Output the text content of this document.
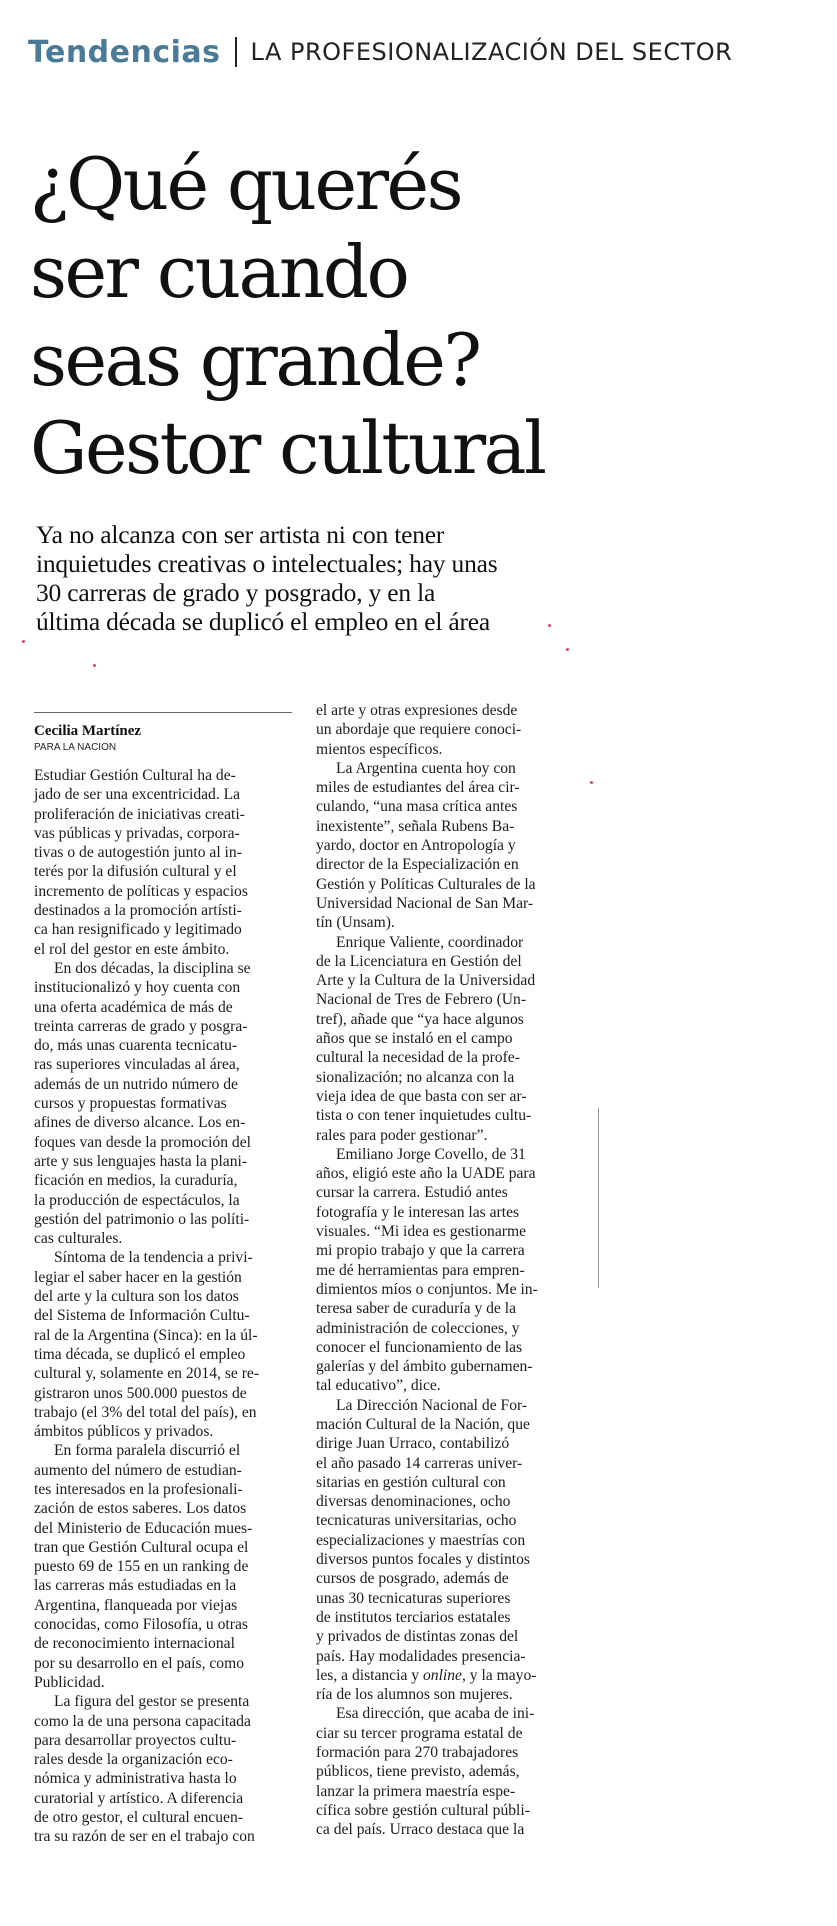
Tendencias LA PROFESIONALIZACIÓN DEL SECTOR
¿Qué querés
ser cuando
seas grande?
Gestor cultural

Ya no alcanza con ser artista ni con tener
inquietudes creativas o intelectuales; hay unas
30 carreras de grado y posgrado, y en la
última década se duplicó el empleo en el área

Cecilia Martínez
PARA LA NACION
Estudiar Gestión Cultural ha de-
jado de ser una excentricidad. La
proliferación de iniciativas creati-
vas públicas y privadas, corpora-
tivas o de autogestión junto al in-
terés por la difusión cultural y el
incremento de políticas y espacios
destinados a la promoción artísti-
ca han resignificado y legitimado
el rol del gestor en este ámbito.
En dos décadas, la disciplina se
institucionalizó y hoy cuenta con
una oferta académica de más de
treinta carreras de grado y posgra-
do, más unas cuarenta tecnicatu-
ras superiores vinculadas al área,
además de un nutrido número de
cursos y propuestas formativas
afines de diverso alcance. Los en-
foques van desde la promoción del
arte y sus lenguajes hasta la plani-
ficación en medios, la curaduría,
la producción de espectáculos, la
gestión del patrimonio o las políti-
cas culturales.
Síntoma de la tendencia a privi-
legiar el saber hacer en la gestión
del arte y la cultura son los datos
del Sistema de Información Cultu-
ral de la Argentina (Sinca): en la úl-
tima década, se duplicó el empleo
cultural y, solamente en 2014, se re-
gistraron unos 500.000 puestos de
trabajo (el 3% del total del país), en
ámbitos públicos y privados.
En forma paralela discurrió el
aumento del número de estudian-
tes interesados en la profesionali-
zación de estos saberes. Los datos
del Ministerio de Educación mues-
tran que Gestión Cultural ocupa el
puesto 69 de 155 en un ranking de
las carreras más estudiadas en la
Argentina, flanqueada por viejas
conocidas, como Filosofía, u otras
de reconocimiento internacional
por su desarrollo en el país, como
Publicidad.
La figura del gestor se presenta
como la de una persona capacitada
para desarrollar proyectos cultu-
rales desde la organización eco-
nómica y administrativa hasta lo
curatorial y artístico. A diferencia
de otro gestor, el cultural encuen-
tra su razón de ser en el trabajo con
el arte y otras expresiones desde
un abordaje que requiere conoci-
mientos específicos.
La Argentina cuenta hoy con
miles de estudiantes del área cir-
culando, “una masa crítica antes
inexistente”, señala Rubens Ba-
yardo, doctor en Antropología y
director de la Especialización en
Gestión y Políticas Culturales de la
Universidad Nacional de San Mar-
tín (Unsam).
Enrique Valiente, coordinador
de la Licenciatura en Gestión del
Arte y la Cultura de la Universidad
Nacional de Tres de Febrero (Un-
tref), añade que “ya hace algunos
años que se instaló en el campo
cultural la necesidad de la profe-
sionalización; no alcanza con la
vieja idea de que basta con ser ar-
tista o con tener inquietudes cultu-
rales para poder gestionar”.
Emiliano Jorge Covello, de 31
años, eligió este año la UADE para
cursar la carrera. Estudió antes
fotografía y le interesan las artes
visuales. “Mi idea es gestionarme
mi propio trabajo y que la carrera
me dé herramientas para empren-
dimientos míos o conjuntos. Me in-
teresa saber de curaduría y de la
administración de colecciones, y
conocer el funcionamiento de las
galerías y del ámbito gubernamen-
tal educativo”, dice.
La Dirección Nacional de For-
mación Cultural de la Nación, que
dirige Juan Urraco, contabilizó
el año pasado 14 carreras univer-
sitarias en gestión cultural con
diversas denominaciones, ocho
tecnicaturas universitarias, ocho
especializaciones y maestrías con
diversos puntos focales y distintos
cursos de posgrado, además de
unas 30 tecnicaturas superiores
de institutos terciarios estatales
y privados de distintas zonas del
país. Hay modalidades presencia-
les, a distancia y online, y la mayo-
ría de los alumnos son mujeres.
Esa dirección, que acaba de ini-
ciar su tercer programa estatal de
formación para 270 trabajadores
públicos, tiene previsto, además,
lanzar la primera maestría espe-
cífica sobre gestión cultural públi-
ca del país. Urraco destaca que la
